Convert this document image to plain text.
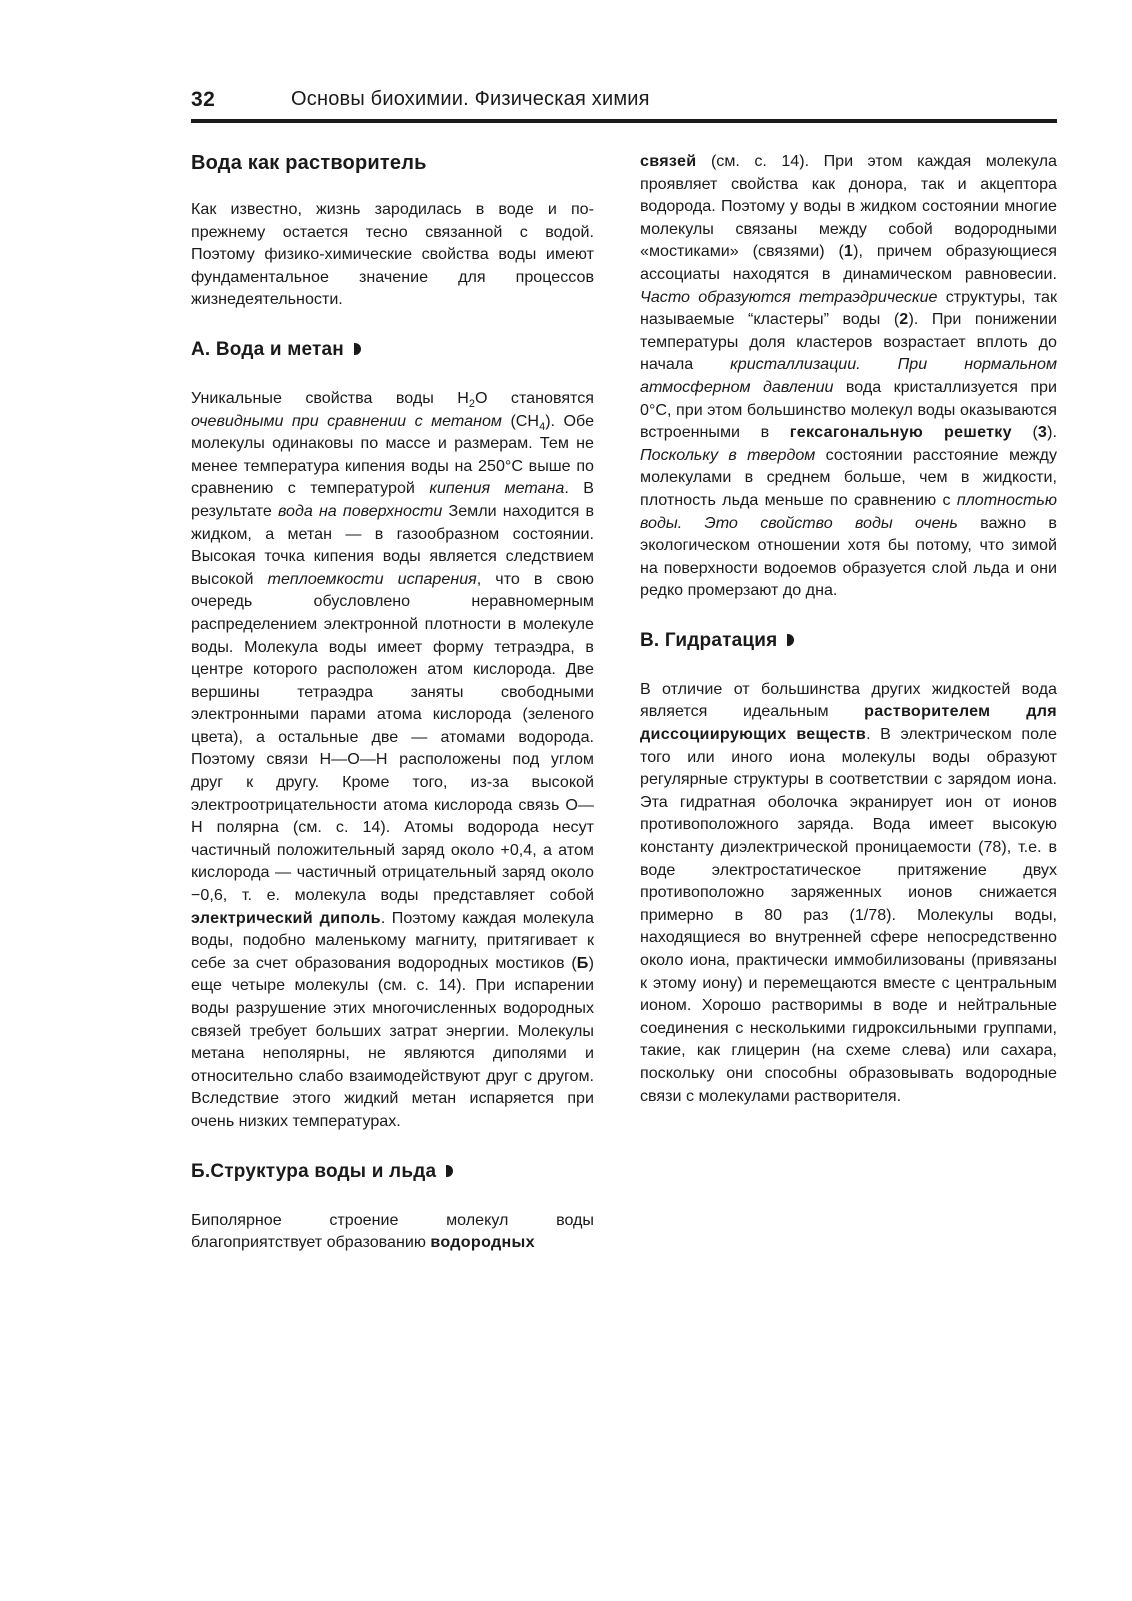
32	Основы биохимии. Физическая химия
Вода как растворитель

Как известно, жизнь зародилась в воде и по-прежнему остается тесно связанной с водой. Поэтому физико-химические свойства воды имеют фундаментальное значение для процессов жизнедеятельности.

А. Вода и метан

Уникальные свойства воды $H_2O$ становятся очевидными при сравнении с метаном $(CH_4)$. Обе молекулы одинаковы по массе и размерам. Тем не менее температура кипения воды на 250°C выше по сравнению с температурой кипения метана. В результате вода на поверхности Земли находится в жидком, а метан — в газообразном состоянии. Высокая точка кипения воды является следствием высокой теплоемкости испарения, что в свою очередь обусловлено неравномерным распределением электронной плотности в молекуле воды. Молекула воды имеет форму тетраэдра, в центре которого расположен атом кислорода. Две вершины тетраэдра заняты свободными электронными парами атома кислорода (зеленого цвета), а остальные две — атомами водорода. Поэтому связи H—O—H расположены под углом друг к другу. Кроме того, из-за высокой электроотрицательности атома кислорода связь O—H полярна (см. с. 14). Атомы водорода несут частичный положительный заряд около +0,4, а атом кислорода — частичный отрицательный заряд около −0,6, т. е. молекула воды представляет собой электрический диполь. Поэтому каждая молекула воды, подобно маленькому магниту, притягивает к себе за счет образования водородных мостиков (Б) еще четыре молекулы (см. с. 14). При испарении воды разрушение этих многочисленных водородных связей требует больших затрат энергии. Молекулы метана неполярны, не являются диполями и относительно слабо взаимодействуют друг с другом. Вследствие этого жидкий метан испаряется при очень низких температурах.

Б.Структура воды и льда

Биполярное строение молекул воды благоприятствует образованию водородных

связей (см. с. 14). При этом каждая молекула проявляет свойства как донора, так и акцептора водорода. Поэтому у воды в жидком состоянии многие молекулы связаны между собой водородными «мостиками» (связями) (1), причем образующиеся ассоциаты находятся в динамическом равновесии. Часто образуются тетраэдрические структуры, так называемые “кластеры” воды (2). При понижении температуры доля кластеров возрастает вплоть до начала кристаллизации. При нормальном атмосферном давлении вода кристаллизуется при 0°C, при этом большинство молекул воды оказываются встроенными в гексагональную решетку (3). Поскольку в твердом состоянии расстояние между молекулами в среднем больше, чем в жидкости, плотность льда меньше по сравнению с плотностью воды. Это свойство воды очень важно в экологическом отношении хотя бы потому, что зимой на поверхности водоемов образуется слой льда и они редко промерзают до дна.

В. Гидратация

В отличие от большинства других жидкостей вода является идеальным растворителем для диссоциирующих веществ. В электрическом поле того или иного иона молекулы воды образуют регулярные структуры в соответствии с зарядом иона. Эта гидратная оболочка экранирует ион от ионов противоположного заряда. Вода имеет высокую константу диэлектрической проницаемости (78), т.е. в воде электростатическое притяжение двух противоположно заряженных ионов снижается примерно в 80 раз (1/78). Молекулы воды, находящиеся во внутренней сфере непосредственно около иона, практически иммобилизованы (привязаны к этому иону) и перемещаются вместе с центральным ионом. Хорошо растворимы в воде и нейтральные соединения с несколькими гидроксильными группами, такие, как глицерин (на схеме слева) или сахара, поскольку они способны образовывать водородные связи с молекулами растворителя.
